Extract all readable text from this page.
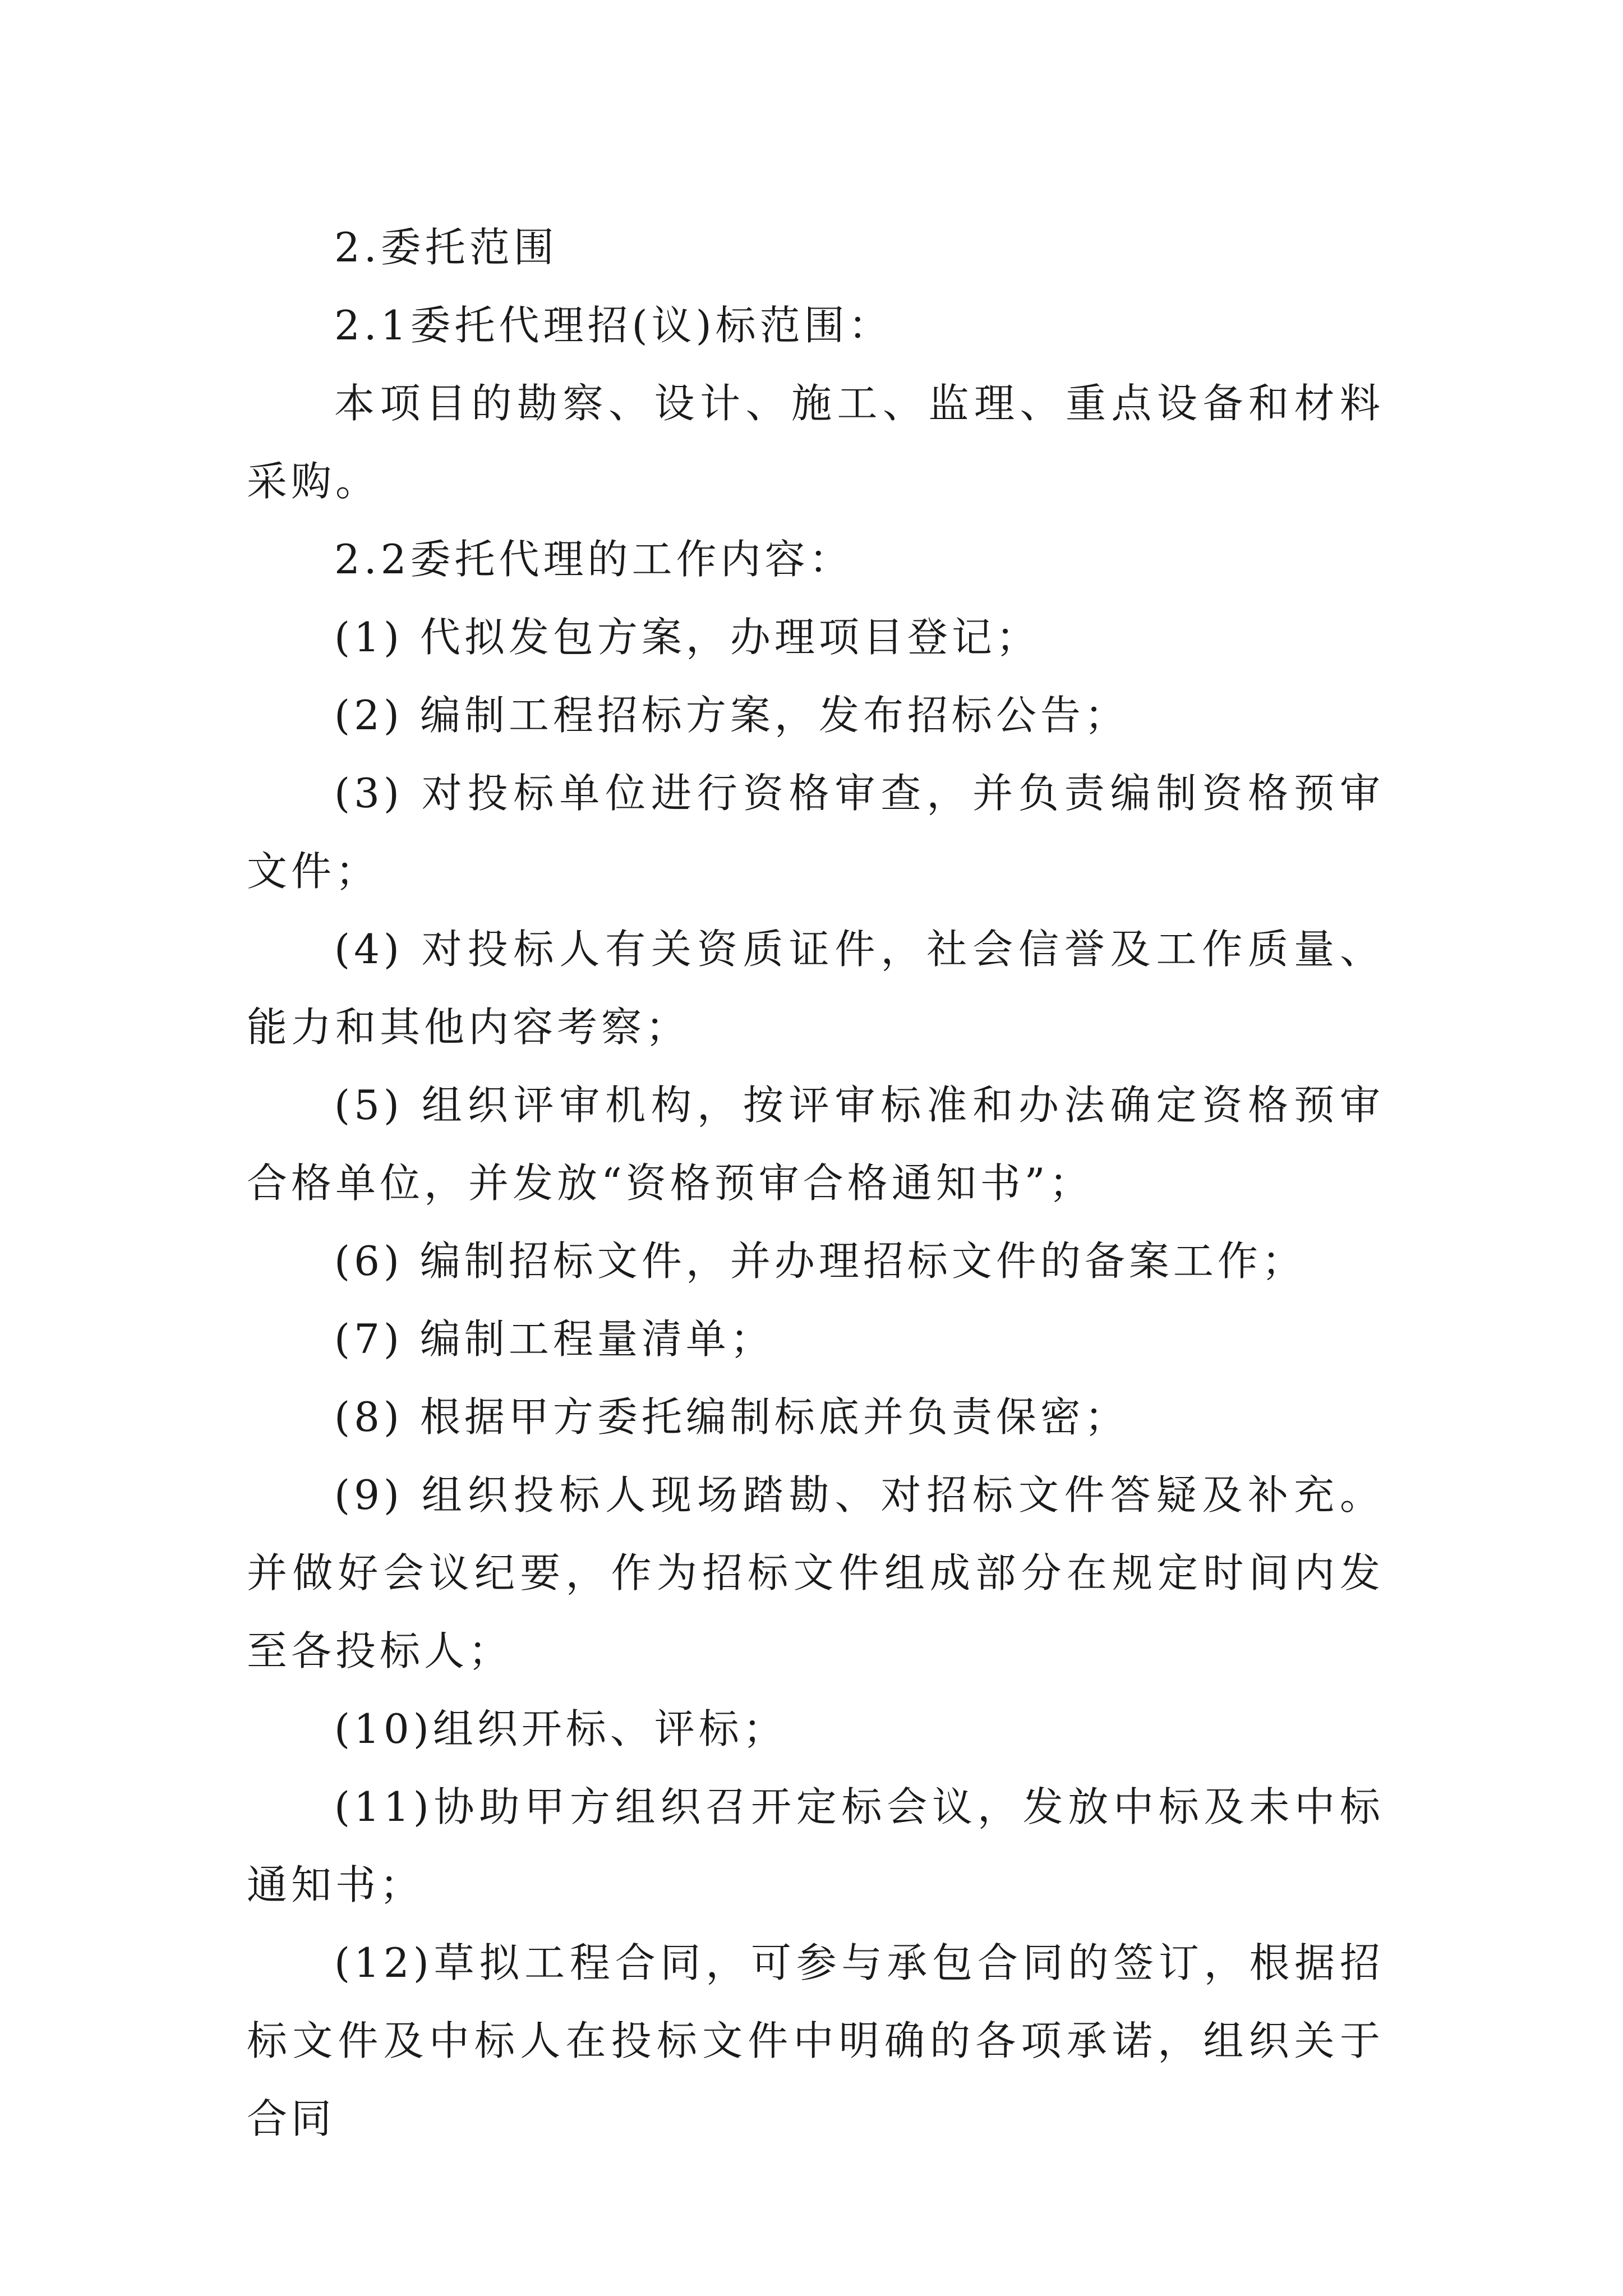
2.委托范围

2.1委托代理招(议)标范围：

本项目的勘察、设计、施工、监理、重点设备和材料采购。

2.2委托代理的工作内容：

(1) 代拟发包方案，办理项目登记；

(2) 编制工程招标方案，发布招标公告；

(3) 对投标单位进行资格审查，并负责编制资格预审文件；

(4) 对投标人有关资质证件，社会信誉及工作质量、能力和其他内容考察；

(5) 组织评审机构，按评审标准和办法确定资格预审合格单位，并发放“资格预审合格通知书”；

(6) 编制招标文件，并办理招标文件的备案工作；

(7) 编制工程量清单；

(8) 根据甲方委托编制标底并负责保密；

(9) 组织投标人现场踏勘、对招标文件答疑及补充。并做好会议纪要，作为招标文件组成部分在规定时间内发至各投标人；

(10)组织开标、评标；

(11)协助甲方组织召开定标会议，发放中标及未中标通知书；

(12)草拟工程合同，可参与承包合同的签订，根据招标文件及中标人在投标文件中明确的各项承诺，组织关于合同
